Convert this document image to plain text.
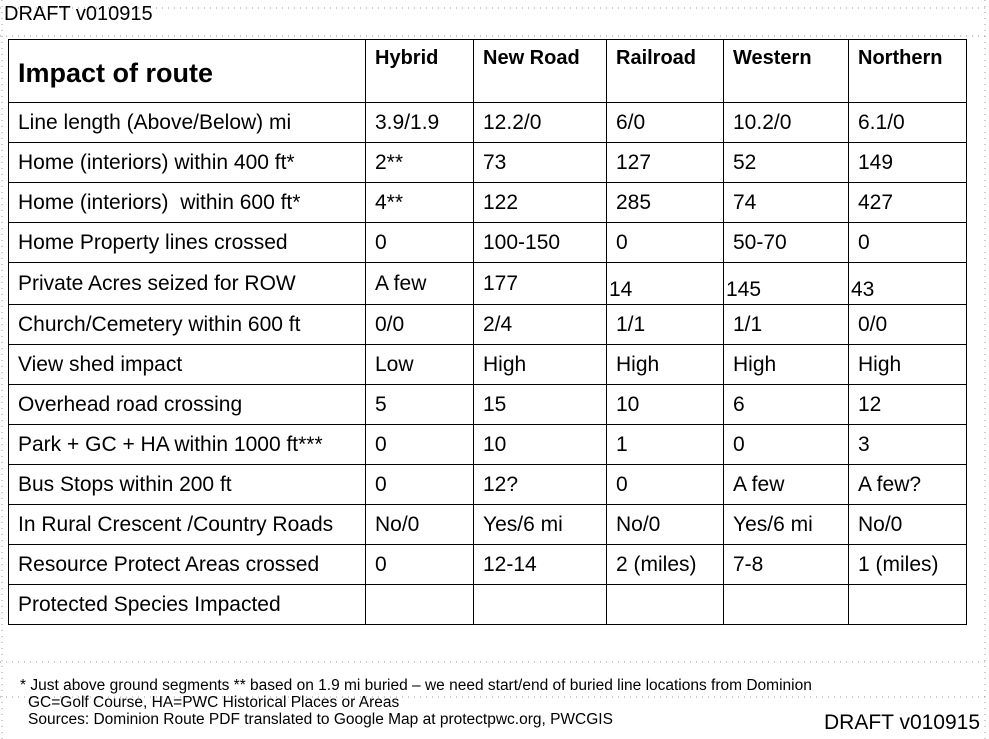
DRAFT v010915
Impact of route	Hybrid	New Road	Railroad	Western	Northern
Line length (Above/Below) mi	3.9/1.9	12.2/0	6/0	10.2/0	6.1/0
Home (interiors) within 400 ft*	2**	73	127	52	149
Home (interiors)  within 600 ft*	4**	122	285	74	427
Home Property lines crossed	0	100-150	0	50-70	0
Private Acres seized for ROW	A few	177	14	145	43
Church/Cemetery within 600 ft	0/0	2/4	1/1	1/1	0/0
View shed impact	Low	High	High	High	High
Overhead road crossing	5	15	10	6	12
Park + GC + HA within 1000 ft***	0	10	1	0	3
Bus Stops within 200 ft	0	12?	0	A few	A few?
In Rural Crescent /Country Roads	No/0	Yes/6 mi	No/0	Yes/6 mi	No/0
Resource Protect Areas crossed	0	12-14	2 (miles)	7-8	1 (miles)
Protected Species Impacted					
* Just above ground segments ** based on 1.9 mi buried – we need start/end of buried line locations from Dominion
GC=Golf Course, HA=PWC Historical Places or Areas
Sources: Dominion Route PDF translated to Google Map at protectpwc.org, PWCGIS	DRAFT v010915
